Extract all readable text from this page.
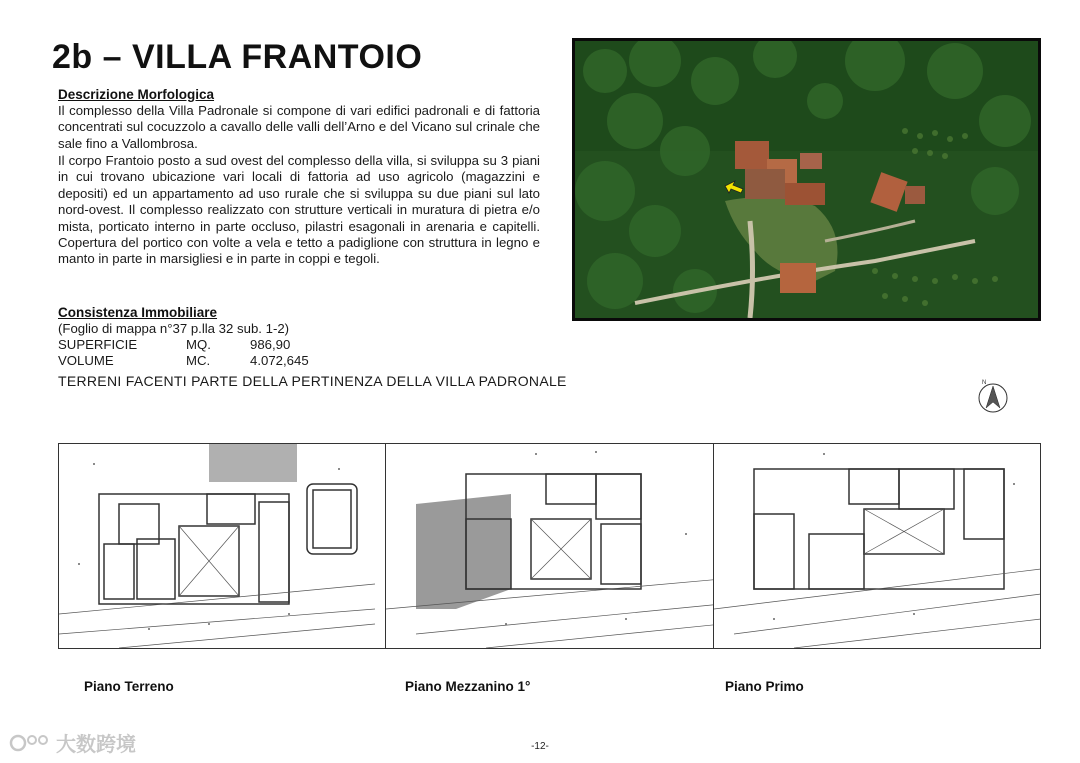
2b – VILLA FRANTOIO
Descrizione Morfologica

Il complesso della Villa Padronale si compone di vari edifici padronali e di fattoria concentrati sul cocuzzolo a cavallo delle valli dell’Arno e del Vicano sul crinale che sale fino a Vallombrosa.

Il corpo Frantoio posto a sud ovest del complesso della villa, si sviluppa su 3 piani in cui trovano ubicazione vari locali di fattoria ad uso agricolo (magazzini e depositi) ed un appartamento ad uso rurale che si sviluppa su due piani sul lato nord-ovest. Il complesso realizzato con strutture verticali in muratura di pietra e/o mista, porticato interno in parte occluso, pilastri esagonali in arenaria e capitelli. Copertura del portico con volte a vela e tetto a padiglione con struttura in legno e manto in parte in marsigliesi e in parte in coppi e tegoli.

Consistenza Immobiliare
(Foglio di mappa n°37 p.lla 32 sub. 1-2)
SUPERFICIE	MQ.	986,90
VOLUME	MC.	4.072,645
TERRENI FACENTI PARTE DELLA PERTINENZA DELLA VILLA PADRONALE	N
Piano Terreno	Piano Mezzanino 1°	Piano Primo
-12-
大数跨境
